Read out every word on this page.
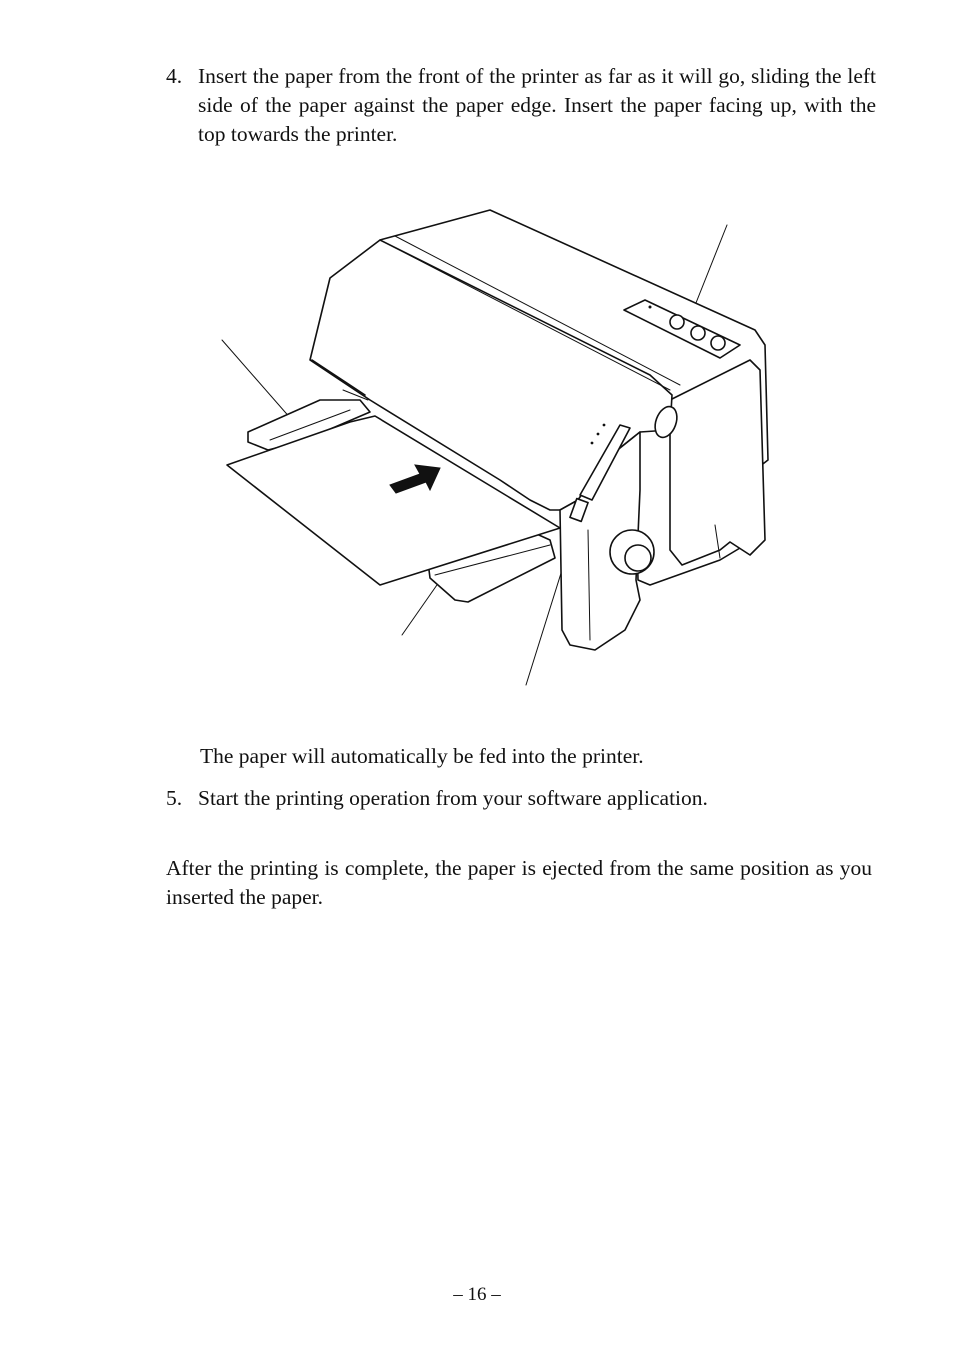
4. Insert the paper from the front of the printer as far as it will go, sliding the left side of the paper against the paper edge. Insert the paper facing up, with the top towards the printer.

The paper will automatically be fed into the printer.

5. Start the printing operation from your software application.

After the printing is complete, the paper is ejected from the same position as you inserted the paper.

– 16 –
